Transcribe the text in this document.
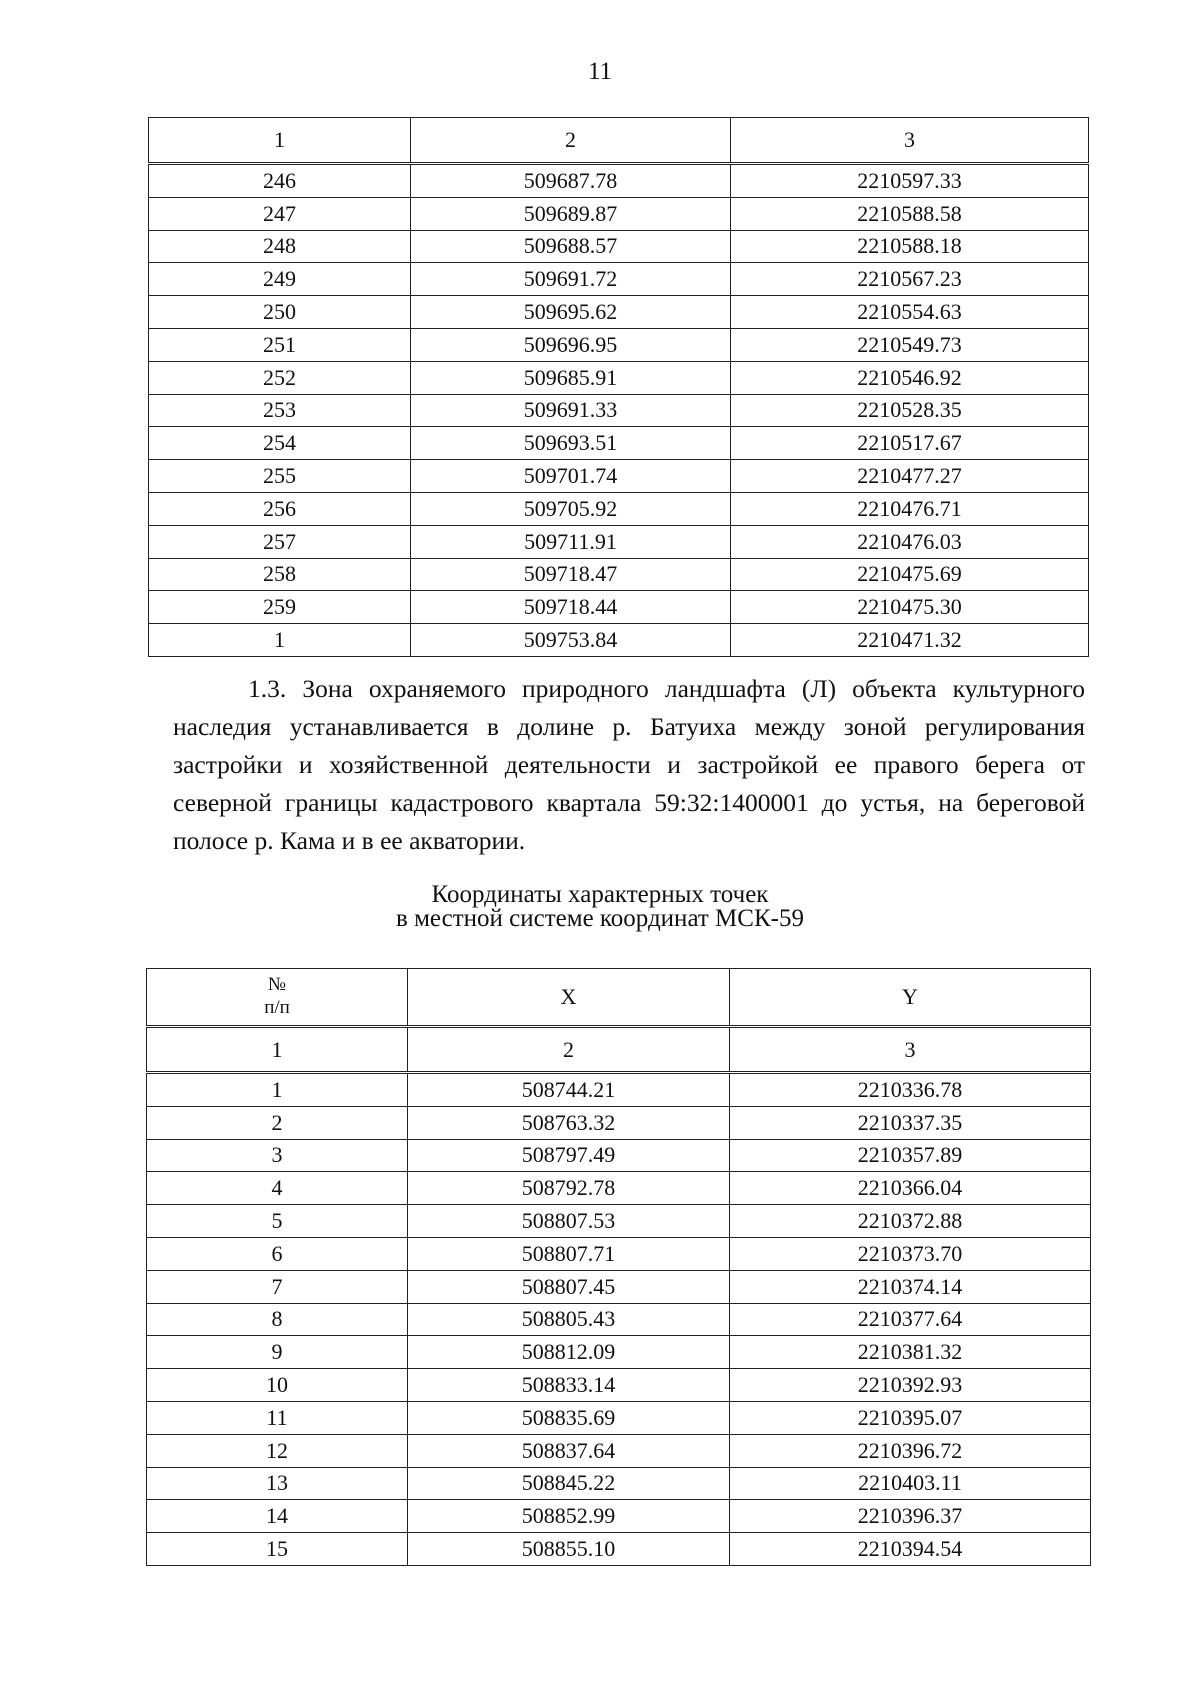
11
1	2	3
246	509687.78	2210597.33
247	509689.87	2210588.58
248	509688.57	2210588.18
249	509691.72	2210567.23
250	509695.62	2210554.63
251	509696.95	2210549.73
252	509685.91	2210546.92
253	509691.33	2210528.35
254	509693.51	2210517.67
255	509701.74	2210477.27
256	509705.92	2210476.71
257	509711.91	2210476.03
258	509718.47	2210475.69
259	509718.44	2210475.30
1	509753.84	2210471.32
1.3. Зона охраняемого природного ландшафта (Л) объекта культурного наследия устанавливается в долине р. Батуиха между зоной регулирования застройки и хозяйственной деятельности и застройкой ее правого берега от северной границы кадастрового квартала 59:32:1400001 до устья, на береговой полосе р. Кама и в ее акватории.
Координаты характерных точек
в местной системе координат МСК-59
№
п/п	X	Y
1	2	3
1	508744.21	2210336.78
2	508763.32	2210337.35
3	508797.49	2210357.89
4	508792.78	2210366.04
5	508807.53	2210372.88
6	508807.71	2210373.70
7	508807.45	2210374.14
8	508805.43	2210377.64
9	508812.09	2210381.32
10	508833.14	2210392.93
11	508835.69	2210395.07
12	508837.64	2210396.72
13	508845.22	2210403.11
14	508852.99	2210396.37
15	508855.10	2210394.54
